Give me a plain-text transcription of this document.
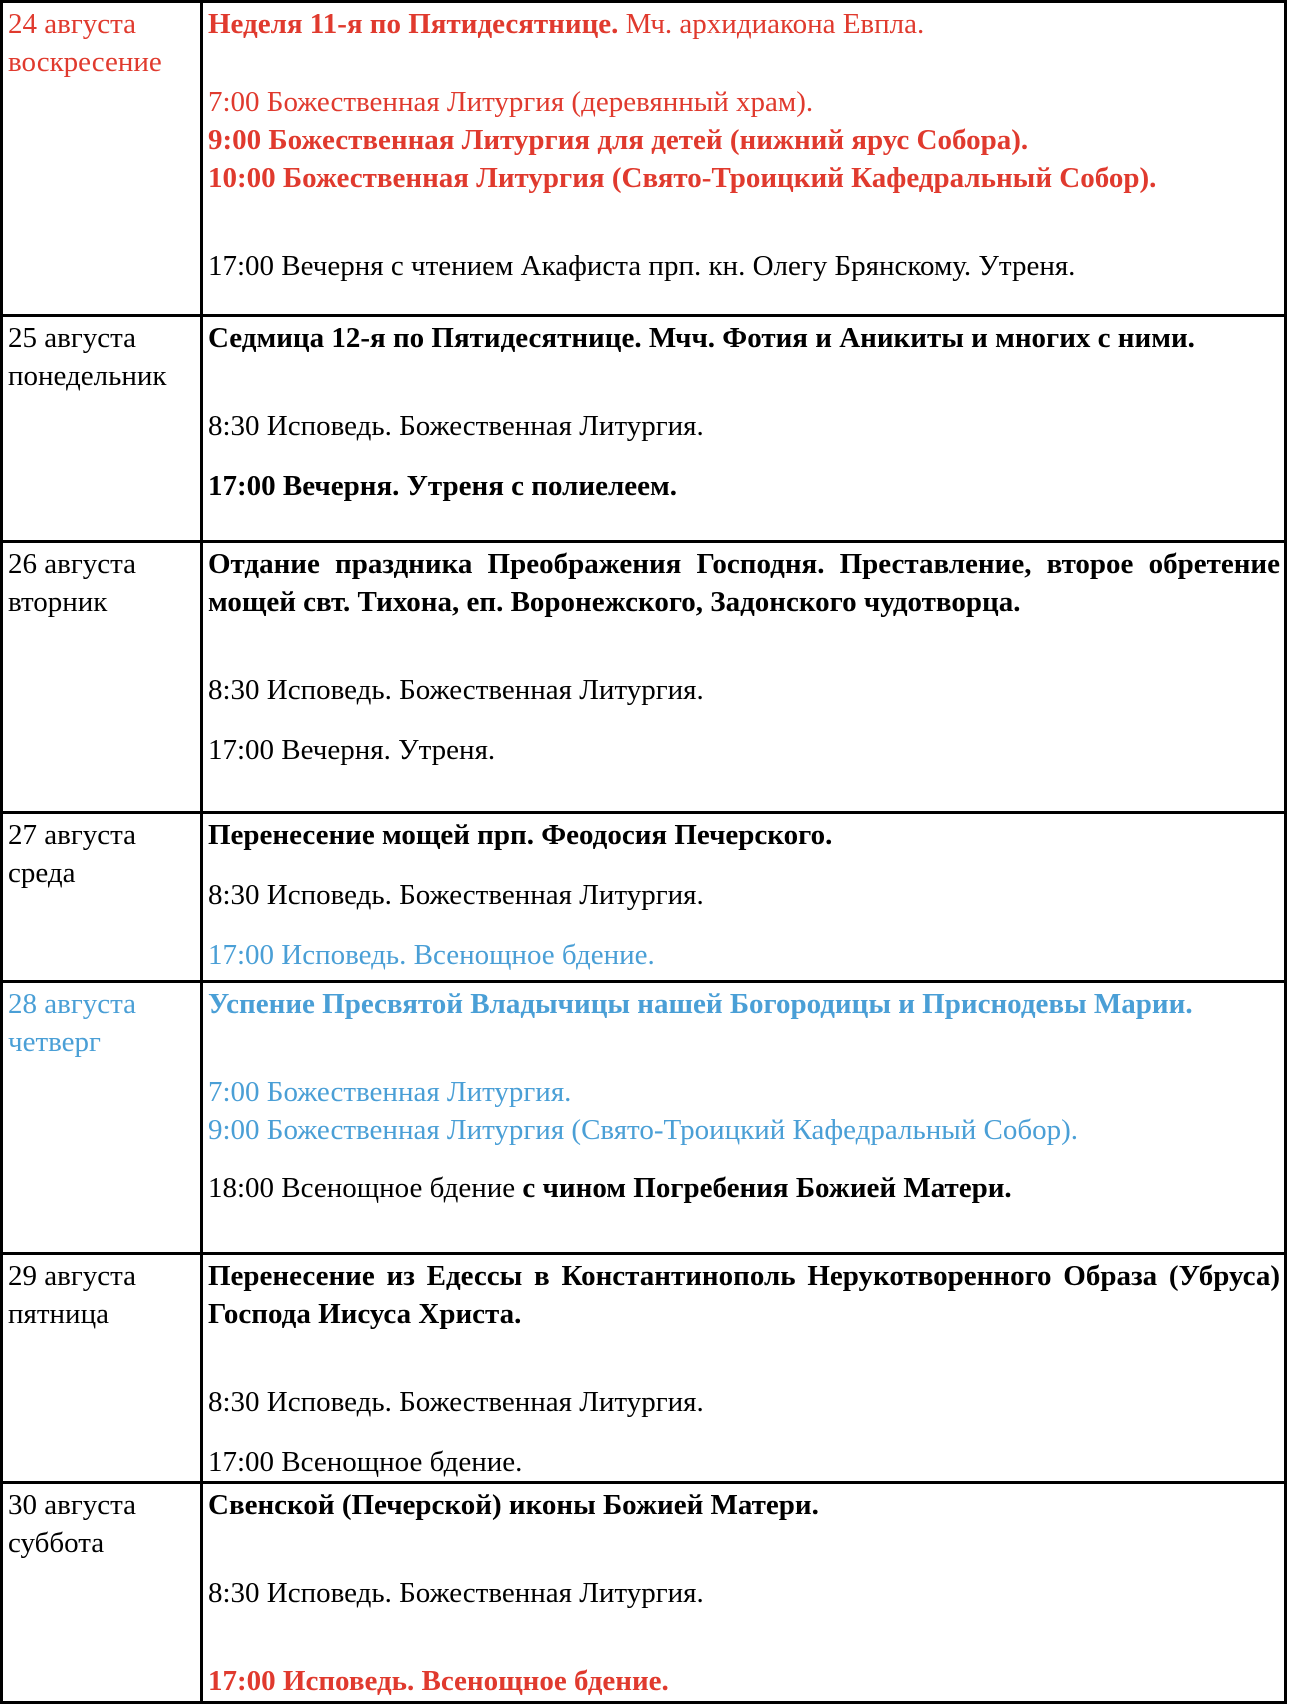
24 августа
воскресение	Неделя 11-я по Пятидесятнице. Мч. архидиакона Евпла.
7:00 Божественная Литургия (деревянный храм).
9:00 Божественная Литургия для детей (нижний ярус Собора).
10:00 Божественная Литургия (Свято-Троицкий Кафедральный Собор).
17:00 Вечерня с чтением Акафиста прп. кн. Олегу Брянскому. Утреня.

25 августа
понедельник	Седмица 12-я по Пятидесятнице. Мчч. Фотия и Аникиты и многих с ними.
8:30 Исповедь. Божественная Литургия.
17:00 Вечерня. Утреня с полиелеем.

26 августа
вторник	Отдание праздника Преображения Господня. Преставление, второе обретение мощей свт. Тихона, еп. Воронежского, Задонского чудотворца.
8:30 Исповедь. Божественная Литургия.
17:00 Вечерня. Утреня.

27 августа
среда	Перенесение мощей прп. Феодосия Печерского.
8:30 Исповедь. Божественная Литургия.
17:00 Исповедь. Всенощное бдение.

28 августа
четверг	Успение Пресвятой Владычицы нашей Богородицы и Приснодевы Марии.
7:00 Божественная Литургия.
9:00 Божественная Литургия (Свято-Троицкий Кафедральный Собор).
18:00 Всенощное бдение с чином Погребения Божией Матери.

29 августа
пятница	Перенесение из Едессы в Константинополь Нерукотворенного Образа (Убруса) Господа Иисуса Христа.
8:30 Исповедь. Божественная Литургия.
17:00 Всенощное бдение.

30 августа
суббота	Свенской (Печерской) иконы Божией Матери.
8:30 Исповедь. Божественная Литургия.
17:00 Исповедь. Всенощное бдение.
